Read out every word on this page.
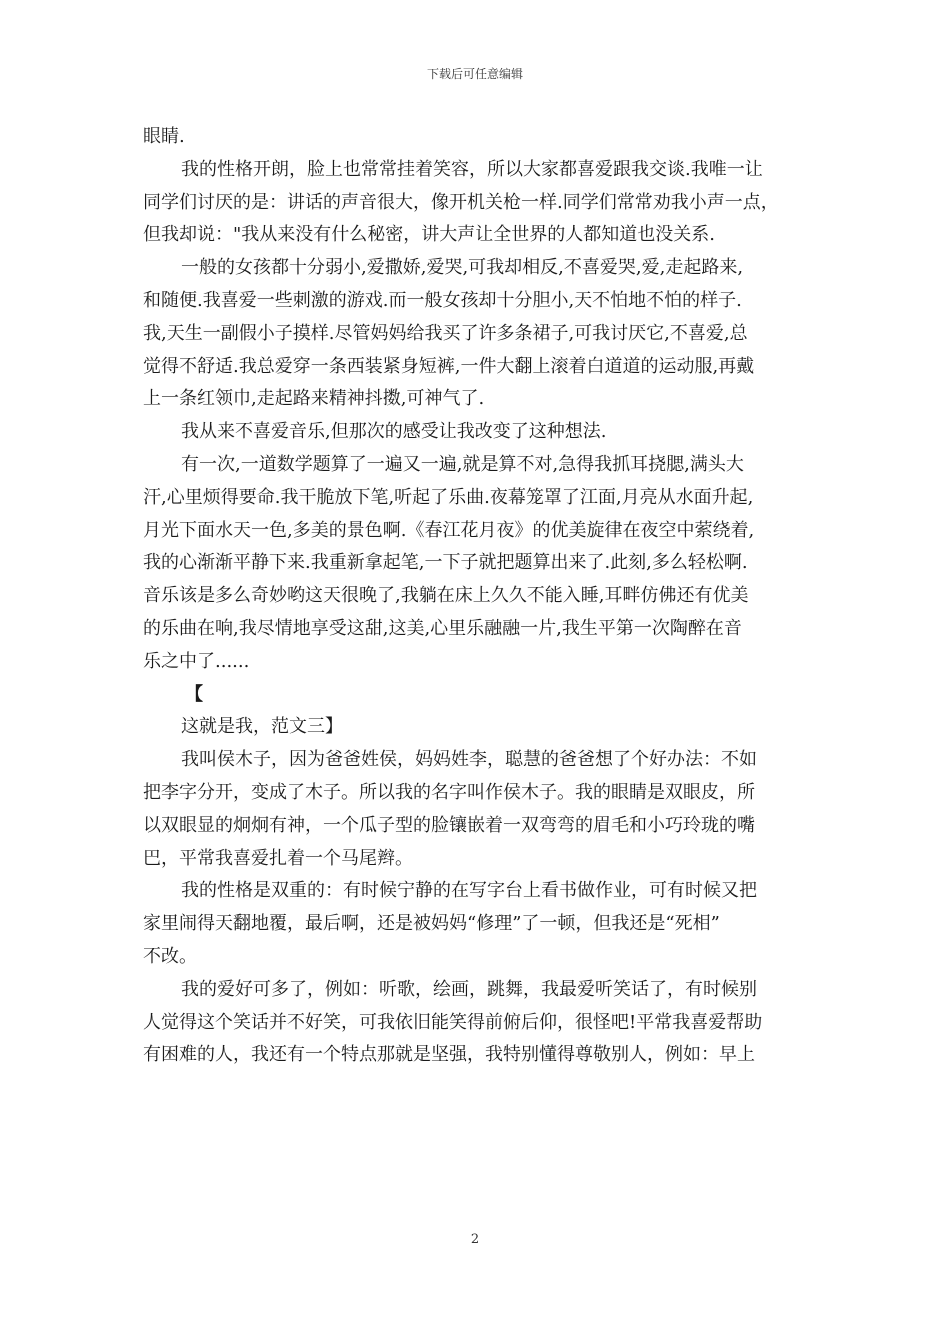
下载后可任意编辑
眼睛.
我的性格开朗，脸上也常常挂着笑容，所以大家都喜爱跟我交谈.我唯一让
同学们讨厌的是：讲话的声音很大，像开机关枪一样.同学们常常劝我小声一点，
但我却说："我从来没有什么秘密，讲大声让全世界的人都知道也没关系.
一般的女孩都十分弱小,爱撒娇,爱哭,可我却相反,不喜爱哭,爱,走起路来,
和随便.我喜爱一些刺激的游戏.而一般女孩却十分胆小,天不怕地不怕的样子.
我,天生一副假小子摸样.尽管妈妈给我买了许多条裙子,可我讨厌它,不喜爱,总
觉得不舒适.我总爱穿一条西装紧身短裤,一件大翻上滚着白道道的运动服,再戴
上一条红领巾,走起路来精神抖擞,可神气了.
我从来不喜爱音乐,但那次的感受让我改变了这种想法.
有一次,一道数学题算了一遍又一遍,就是算不对,急得我抓耳挠腮,满头大
汗,心里烦得要命.我干脆放下笔,听起了乐曲.夜幕笼罩了江面,月亮从水面升起,
月光下面水天一色,多美的景色啊.《春江花月夜》的优美旋律在夜空中萦绕着,
我的心渐渐平静下来.我重新拿起笔,一下子就把题算出来了.此刻,多么轻松啊.
音乐该是多么奇妙哟这天很晚了,我躺在床上久久不能入睡,耳畔仿佛还有优美
的乐曲在响,我尽情地享受这甜,这美,心里乐融融一片,我生平第一次陶醉在音
乐之中了......
【
这就是我，范文三】
我叫侯木子，因为爸爸姓侯，妈妈姓李，聪慧的爸爸想了个好办法：不如
把李字分开，变成了木子。所以我的名字叫作侯木子。我的眼睛是双眼皮，所
以双眼显的炯炯有神，一个瓜子型的脸镶嵌着一双弯弯的眉毛和小巧玲珑的嘴
巴，平常我喜爱扎着一个马尾辫。
我的性格是双重的：有时候宁静的在写字台上看书做作业，可有时候又把
家里闹得天翻地覆，最后啊，还是被妈妈“修理”了一顿，但我还是“死相”
不改。
我的爱好可多了，例如：听歌，绘画，跳舞，我最爱听笑话了，有时候别
人觉得这个笑话并不好笑，可我依旧能笑得前俯后仰，很怪吧!平常我喜爱帮助
有困难的人，我还有一个特点那就是坚强，我特别懂得尊敬别人，例如：早上
2
